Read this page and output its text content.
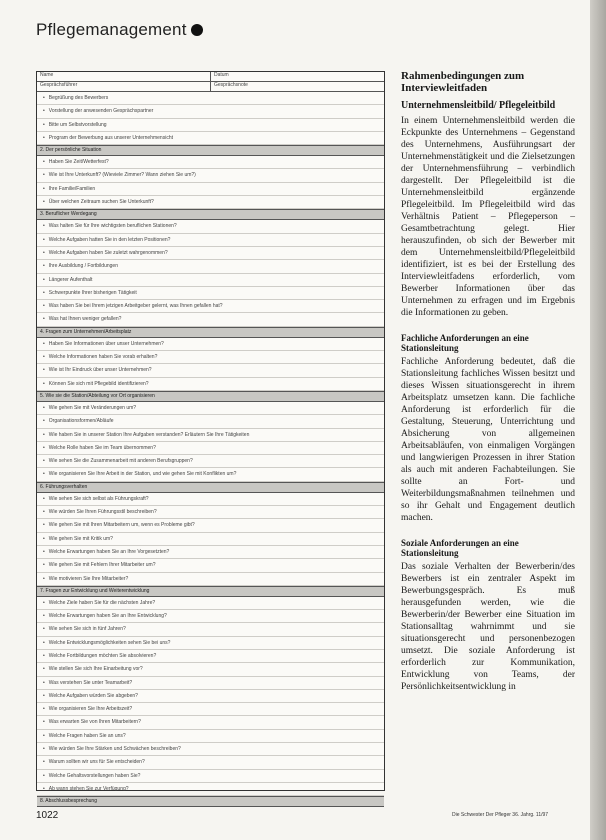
Pflegemanagement
Name	Datum
Gesprächsführer	Gesprächsnote
• Begrüßung des Bewerbers
• Vorstellung der anwesenden Gesprächspartner
• Bitte um Selbstvorstellung
• Program der Bewerbung aus unserer Unternehmensicht
2. Der persönliche Situation
• Haben Sie Zeit/Wetterfest?
• Wie ist Ihre Unterkunft? (Wieviele Zimmer? Wann ziehen Sie um?)
• Ihre Familie/Familien
• Über welchen Zeitraum suchen Sie Unterkunft?
3. Beruflicher Werdegang
• Was halten Sie für Ihre wichtigsten beruflichen Stationen?
• Welche Aufgaben hatten Sie in den letzten Positionen?
• Welche Aufgaben haben Sie zuletzt wahrgenommen?
• Ihre Ausbildung / Fortbildungen
• Längerer Aufenthalt
• Schwerpunkte Ihrer bisherigen Tätigkeit
• Was haben Sie bei Ihrem jetzigen Arbeitgeber gelernt, was Ihnen gefallen hat?
• Was hat Ihnen weniger gefallen?
4. Fragen zum Unternehmen/Arbeitsplatz
• Haben Sie Informationen über unser Unternehmen?
• Welche Informationen haben Sie vorab erhalten?
• Wie ist Ihr Eindruck über unser Unternehmen?
• Können Sie sich mit Pflegebild identifizieren?
5. Wie sie die Station/Abteilung vor Ort organisieren
• Wie gehen Sie mit Veränderungen um?
• Organisationsformen/Abläufe
• Wie haben Sie in unserer Station Ihre Aufgaben verstanden? Erläutern Sie Ihre Tätigkeiten
• Welche Rolle haben Sie im Team übernommen?
• Wie sehen Sie die Zusammenarbeit mit anderen Berufsgruppen?
• Wie organisieren Sie Ihre Arbeit in der Station, und wie gehen Sie mit Konflikten um?
6. Führungsverhalten
• Wie sehen Sie sich selbst als Führungskraft?
• Wie würden Sie Ihren Führungsstil beschreiben?
• Wie gehen Sie mit Ihren Mitarbeitern um, wenn es Probleme gibt?
• Wie gehen Sie mit Kritik um?
• Welche Erwartungen haben Sie an Ihre Vorgesetzten?
• Wie gehen Sie mit Fehlern Ihrer Mitarbeiter um?
• Wie motivieren Sie Ihre Mitarbeiter?
7. Fragen zur Entwicklung und Weiterentwicklung
• Welche Ziele haben Sie für die nächsten Jahre?
• Welche Erwartungen haben Sie an Ihre Entwicklung?
• Wie sehen Sie sich in fünf Jahren?
• Welche Entwicklungsmöglichkeiten sehen Sie bei uns?
• Welche Fortbildungen möchten Sie absolvieren?
• Wie stellen Sie sich Ihre Einarbeitung vor?
• Was verstehen Sie unter Teamarbeit?
• Welche Aufgaben würden Sie abgeben?
• Wie organisieren Sie Ihre Arbeitszeit?
• Was erwarten Sie von Ihren Mitarbeitern?
• Welche Fragen haben Sie an uns?
• Wie würden Sie Ihre Stärken und Schwächen beschreiben?
• Warum sollten wir uns für Sie entscheiden?
• Welche Gehaltsvorstellungen haben Sie?
• Ab wann stehen Sie zur Verfügung?
8. Abschlussbesprechung
Rahmenbedingungen zum Interviewleitfaden
Unternehmensleitbild/ Pflegeleitbild

In einem Unternehmensleitbild werden die Eckpunkte des Unternehmens – Gegenstand des Unternehmens, Ausführungsart der Unternehmenstätigkeit und die Zielsetzungen der Unternehmensführung – verbindlich dargestellt. Der Pflegeleitbild ist die Unternehmensleitbild ergänzende Pflegeleitbild. Im Pflegeleitbild wird das Verhältnis Patient – Pflegeperson – Gesamtbetrachtung gelegt. Hier herauszufinden, ob sich der Bewerber mit dem Unternehmensleitbild/Pflegeleitbild identifiziert, ist es bei der Erstellung des Interviewleitfadens erforderlich, vom Bewerber Informationen über das Unternehmen zu erfragen und im Ergebnis die Informationen zu geben.

Fachliche Anforderungen an eine Stationsleitung

Fachliche Anforderung bedeutet, daß die Stationsleitung fachliches Wissen besitzt und dieses Wissen situationsgerecht in ihrem Arbeitsplatz umsetzen kann. Die fachliche Anforderung ist erforderlich für die Gestaltung, Steuerung, Unterrichtung und Absicherung von allgemeinen Arbeitsabläufen, von einmaligen Vorgängen und langwierigen Prozessen in ihrer Station als auch mit anderen Fachabteilungen. Sie sollte an Fort- und Weiterbildungsmaßnahmen teilnehmen und so ihr Gehalt und Engagement deutlich machen.

Soziale Anforderungen an eine Stationsleitung

Das soziale Verhalten der Bewerberin/des Bewerbers ist ein zentraler Aspekt im Bewerbungsgespräch. Es muß herausgefunden werden, wie die Bewerberin/der Bewerber eine Situation im Stationsalltag wahrnimmt und sie situationsgerecht und personenbezogen umsetzt. Die soziale Anforderung ist erforderlich zur Kommunikation, Entwicklung von Teams, der Persönlichkeitsentwicklung in

1022	Die Schwester Der Pfleger 36. Jahrg. 11/97
